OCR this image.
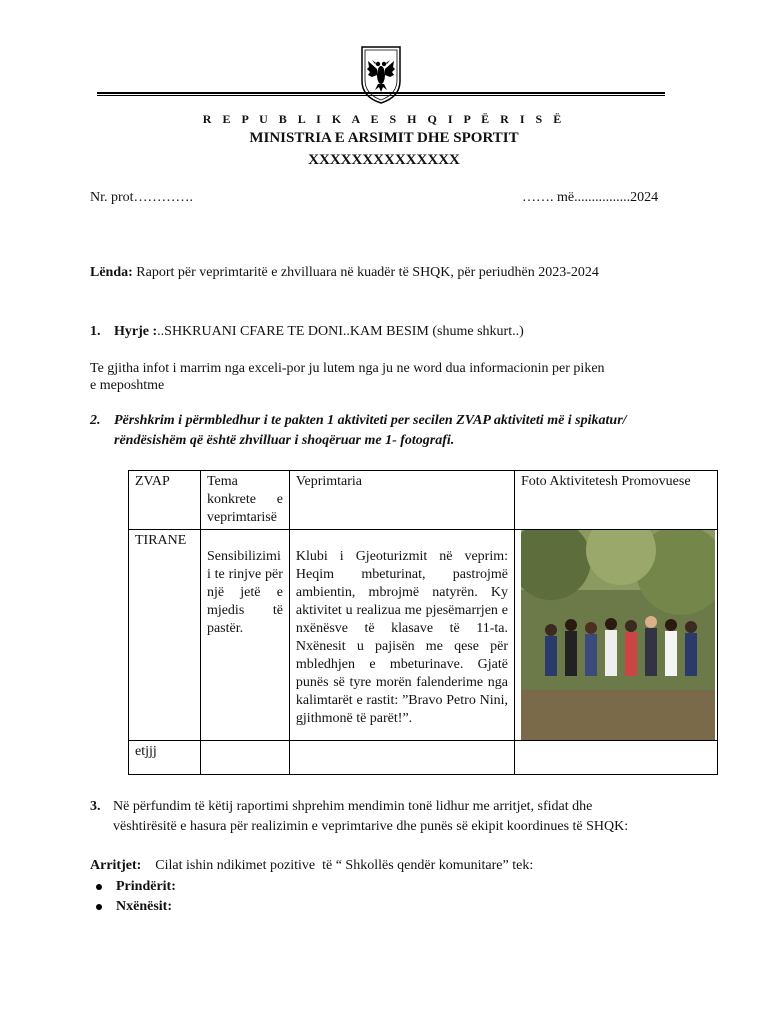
R E P U B L I K A E S H Q I P Ë R I S Ë
MINISTRIA E ARSIMIT DHE SPORTIT
XXXXXXXXXXXXXX
Nr. prot………….	……. më................2024
Lënda: Raport për veprimtaritë e zhvilluara në kuadër të SHQK, për periudhën 2023-2024
1. Hyrje :..SHKRUANI CFARE TE DONI..KAM BESIM (shume shkurt..)
Te gjitha infot i marrim nga exceli-por ju lutem nga ju ne word dua informacionin per piken
e meposhtme
2. Përshkrim i përmbledhur i te pakten 1 aktiviteti per secilen ZVAP aktiviteti më i spikatur/
rëndësishëm që është zhvilluar i shoqëruar me 1- fotografi.
ZVAP	Tema konkrete e veprimtarisë	Veprimtaria	Foto Aktivitetesh Promovuese
TIRANE	Sensibilizimi i te rinjve për një jetë e mjedis të pastër.	Klubi i Gjeoturizmit në veprim: Heqim mbeturinat, pastrojmë ambientin, mbrojmë natyrën. Ky aktivitet u realizua me pjesëmarrjen e nxënësve të klasave të 11-ta. Nxënesit u pajisën me qese për mbledhjen e mbeturinave. Gjatë punës së tyre morën falenderime nga kalimtarët e rastit: ”Bravo Petro Nini, gjithmonë të parët!”.	

etjjj			
3. Në përfundim të këtij raportimi shprehim mendimin tonë lidhur me arritjet, sfidat dhe
vështirësitë e hasura për realizimin e veprimtarive dhe punës së ekipit koordinues të SHQK:
Arritjet:    Cilat ishin ndikimet pozitive  të “ Shkollës qendër komunitare” tek:
Prindërit:
Nxënësit:
